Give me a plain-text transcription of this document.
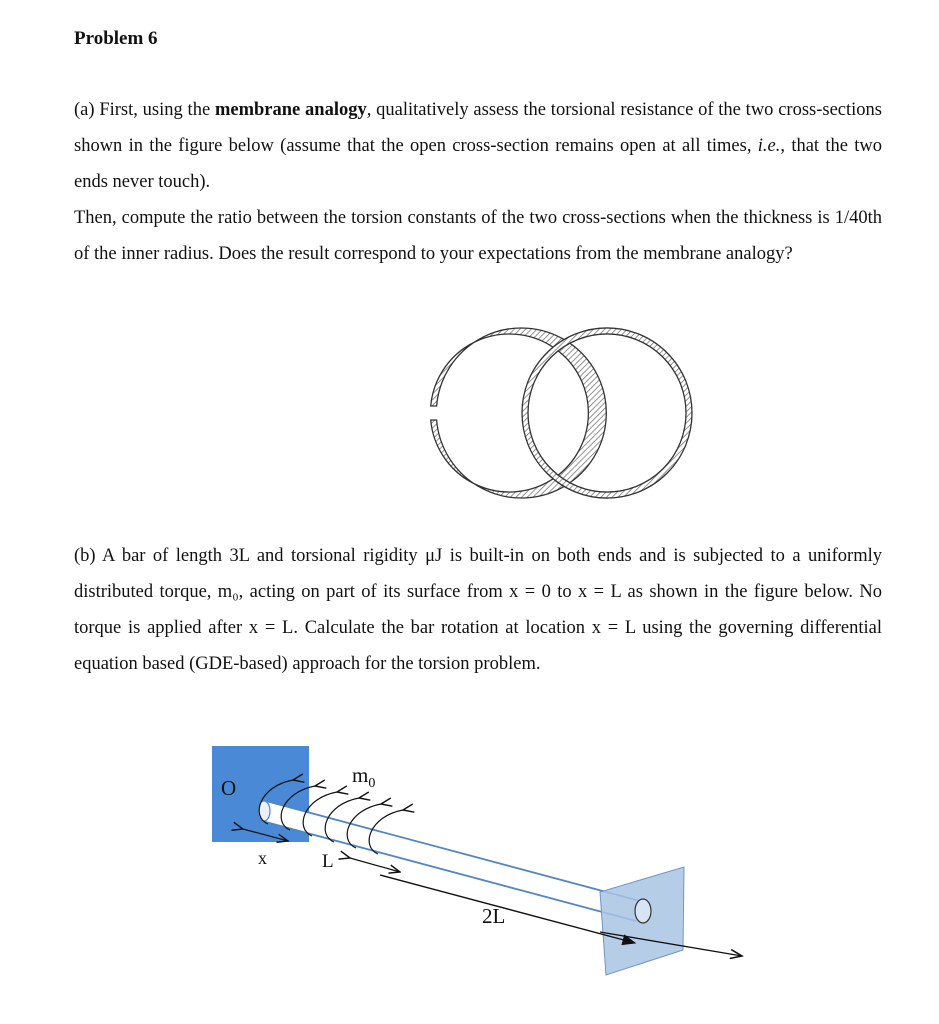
Problem 6
(a) First, using the membrane analogy, qualitatively assess the torsional resistance of the two cross-sections shown in the figure below (assume that the open cross-section remains open at all times, i.e., that the two ends never touch).
Then, compute the ratio between the torsion constants of the two cross-sections when the thickness is 1/40th of the inner radius. Does the result correspond to your expectations from the membrane analogy?
(b) A bar of length 3L and torsional rigidity μJ is built-in on both ends and is subjected to a uniformly distributed torque, m₀, acting on part of its surface from x = 0 to x = L as shown in the figure below. No torque is applied after x = L. Calculate the bar rotation at location x = L using the governing differential equation based (GDE-based) approach for the torsion problem.
O
$m_0$
x	L
2L
